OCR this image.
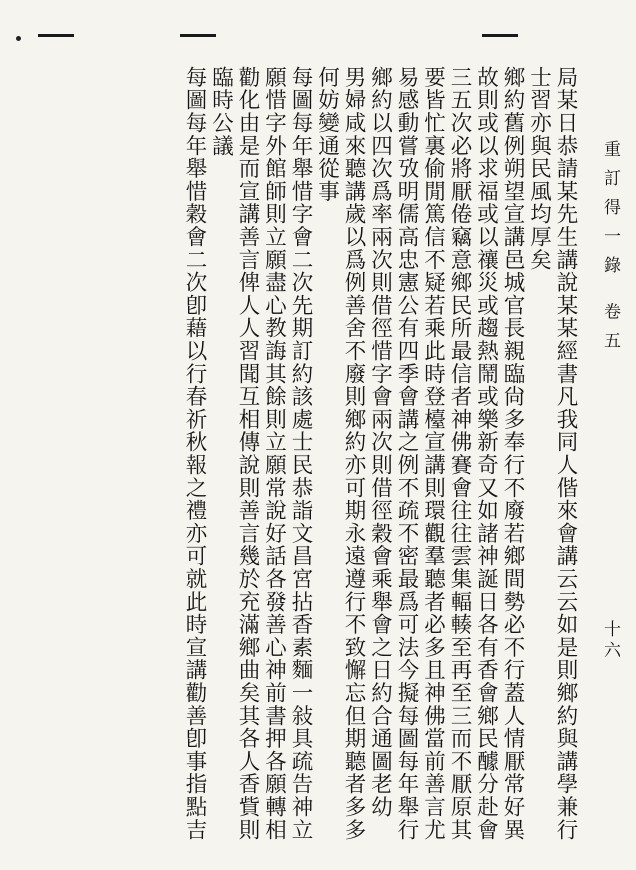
重訂得一錄 卷五
十六

局某日恭請某先生講說某某經書凡我同人偕來會講云云如是則鄉約與講學兼行

士習亦與民風均厚矣

鄉約舊例朔望宣講邑城官長親臨尙多奉行不廢若鄉間勢必不行蓋人情厭常好異

故則或以求福或以禳災或趨熱鬧或樂新奇又如諸神誕日各有香會鄉民醵分赴會

三五次必將厭倦竊意鄉民所最信者神佛賽會往往雲集輻輳至再至三而不厭原其

要皆忙裏偷閒篤信不疑若乘此時登檯宣講則環觀羣聽者必多且神佛當前善言尤

易感動嘗攷明儒高忠憲公有四季會講之例不疏不密最爲可法今擬每圖每年舉行

鄉約以四次爲率兩次則借徑惜字會兩次則借徑穀會乘舉會之日約合通圖老幼

男婦咸來聽講歲以爲例善舍不廢則鄉約亦可期永遠遵行不致懈忘但期聽者多多

何妨變通從事

每圖每年舉惜字會二次先期訂約該處士民恭詣文昌宮拈香素麵一敍具疏告神立

願惜字外館師則立願盡心教誨其餘則立願常說好話各發善心神前書押各願轉相

勸化由是而宣講善言俾人人習聞互相傳說則善言幾於充滿鄉曲矣其各人香貲則

臨時公議

每圖每年舉惜穀會二次卽藉以行春祈秋報之禮亦可就此時宣講勸善卽事指點吉
